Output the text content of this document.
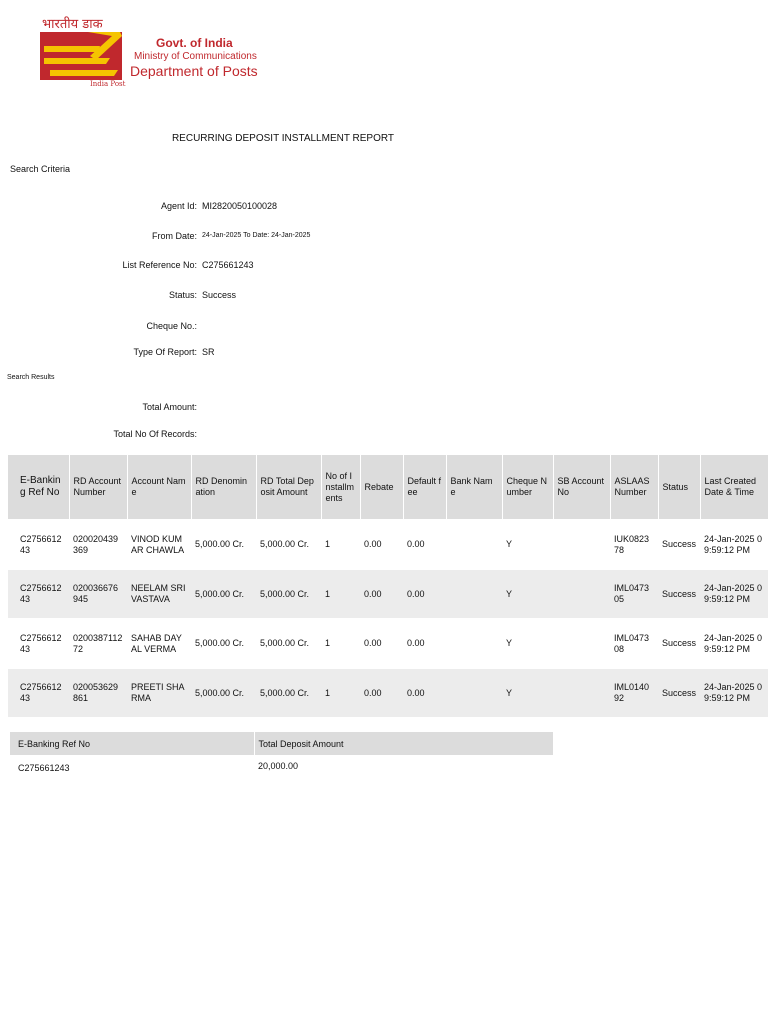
भारतीय डाक
India Post
Govt. of India
Ministry of Communications
Department of Posts
RECURRING DEPOSIT INSTALLMENT REPORT
Search Criteria
Agent Id: MI2820050100028
From Date: 24-Jan-2025 To Date: 24-Jan-2025
List Reference No: C275661243
Status: Success
Cheque No.:
Type Of Report: SR
Search Results
Total Amount:
Total No Of Records:
E-Banking Ref No	RD Account Number	Account Name	RD Denomination	RD Total Deposit Amount	No of Installments	Rebate	Default fee	Bank Name	Cheque Number	SB Account No	ASLAAS Number	Status	Last Created Date & Time
C275661243	020020439369	VINOD KUMAR CHAWLA	5,000.00 Cr.	5,000.00 Cr.	1	0.00	0.00		Y		IUK082378	Success	24-Jan-2025 09:59:12 PM
C275661243	020036676945	NEELAM SRIVASTAVA	5,000.00 Cr.	5,000.00 Cr.	1	0.00	0.00		Y		IML047305	Success	24-Jan-2025 09:59:12 PM
C275661243	020038711272	SAHAB DAYAL VERMA	5,000.00 Cr.	5,000.00 Cr.	1	0.00	0.00		Y		IML047308	Success	24-Jan-2025 09:59:12 PM
C275661243	020053629861	PREETI SHARMA	5,000.00 Cr.	5,000.00 Cr.	1	0.00	0.00		Y		IML014092	Success	24-Jan-2025 09:59:12 PM
E-Banking Ref No	Total Deposit Amount
C275661243	20,000.00
